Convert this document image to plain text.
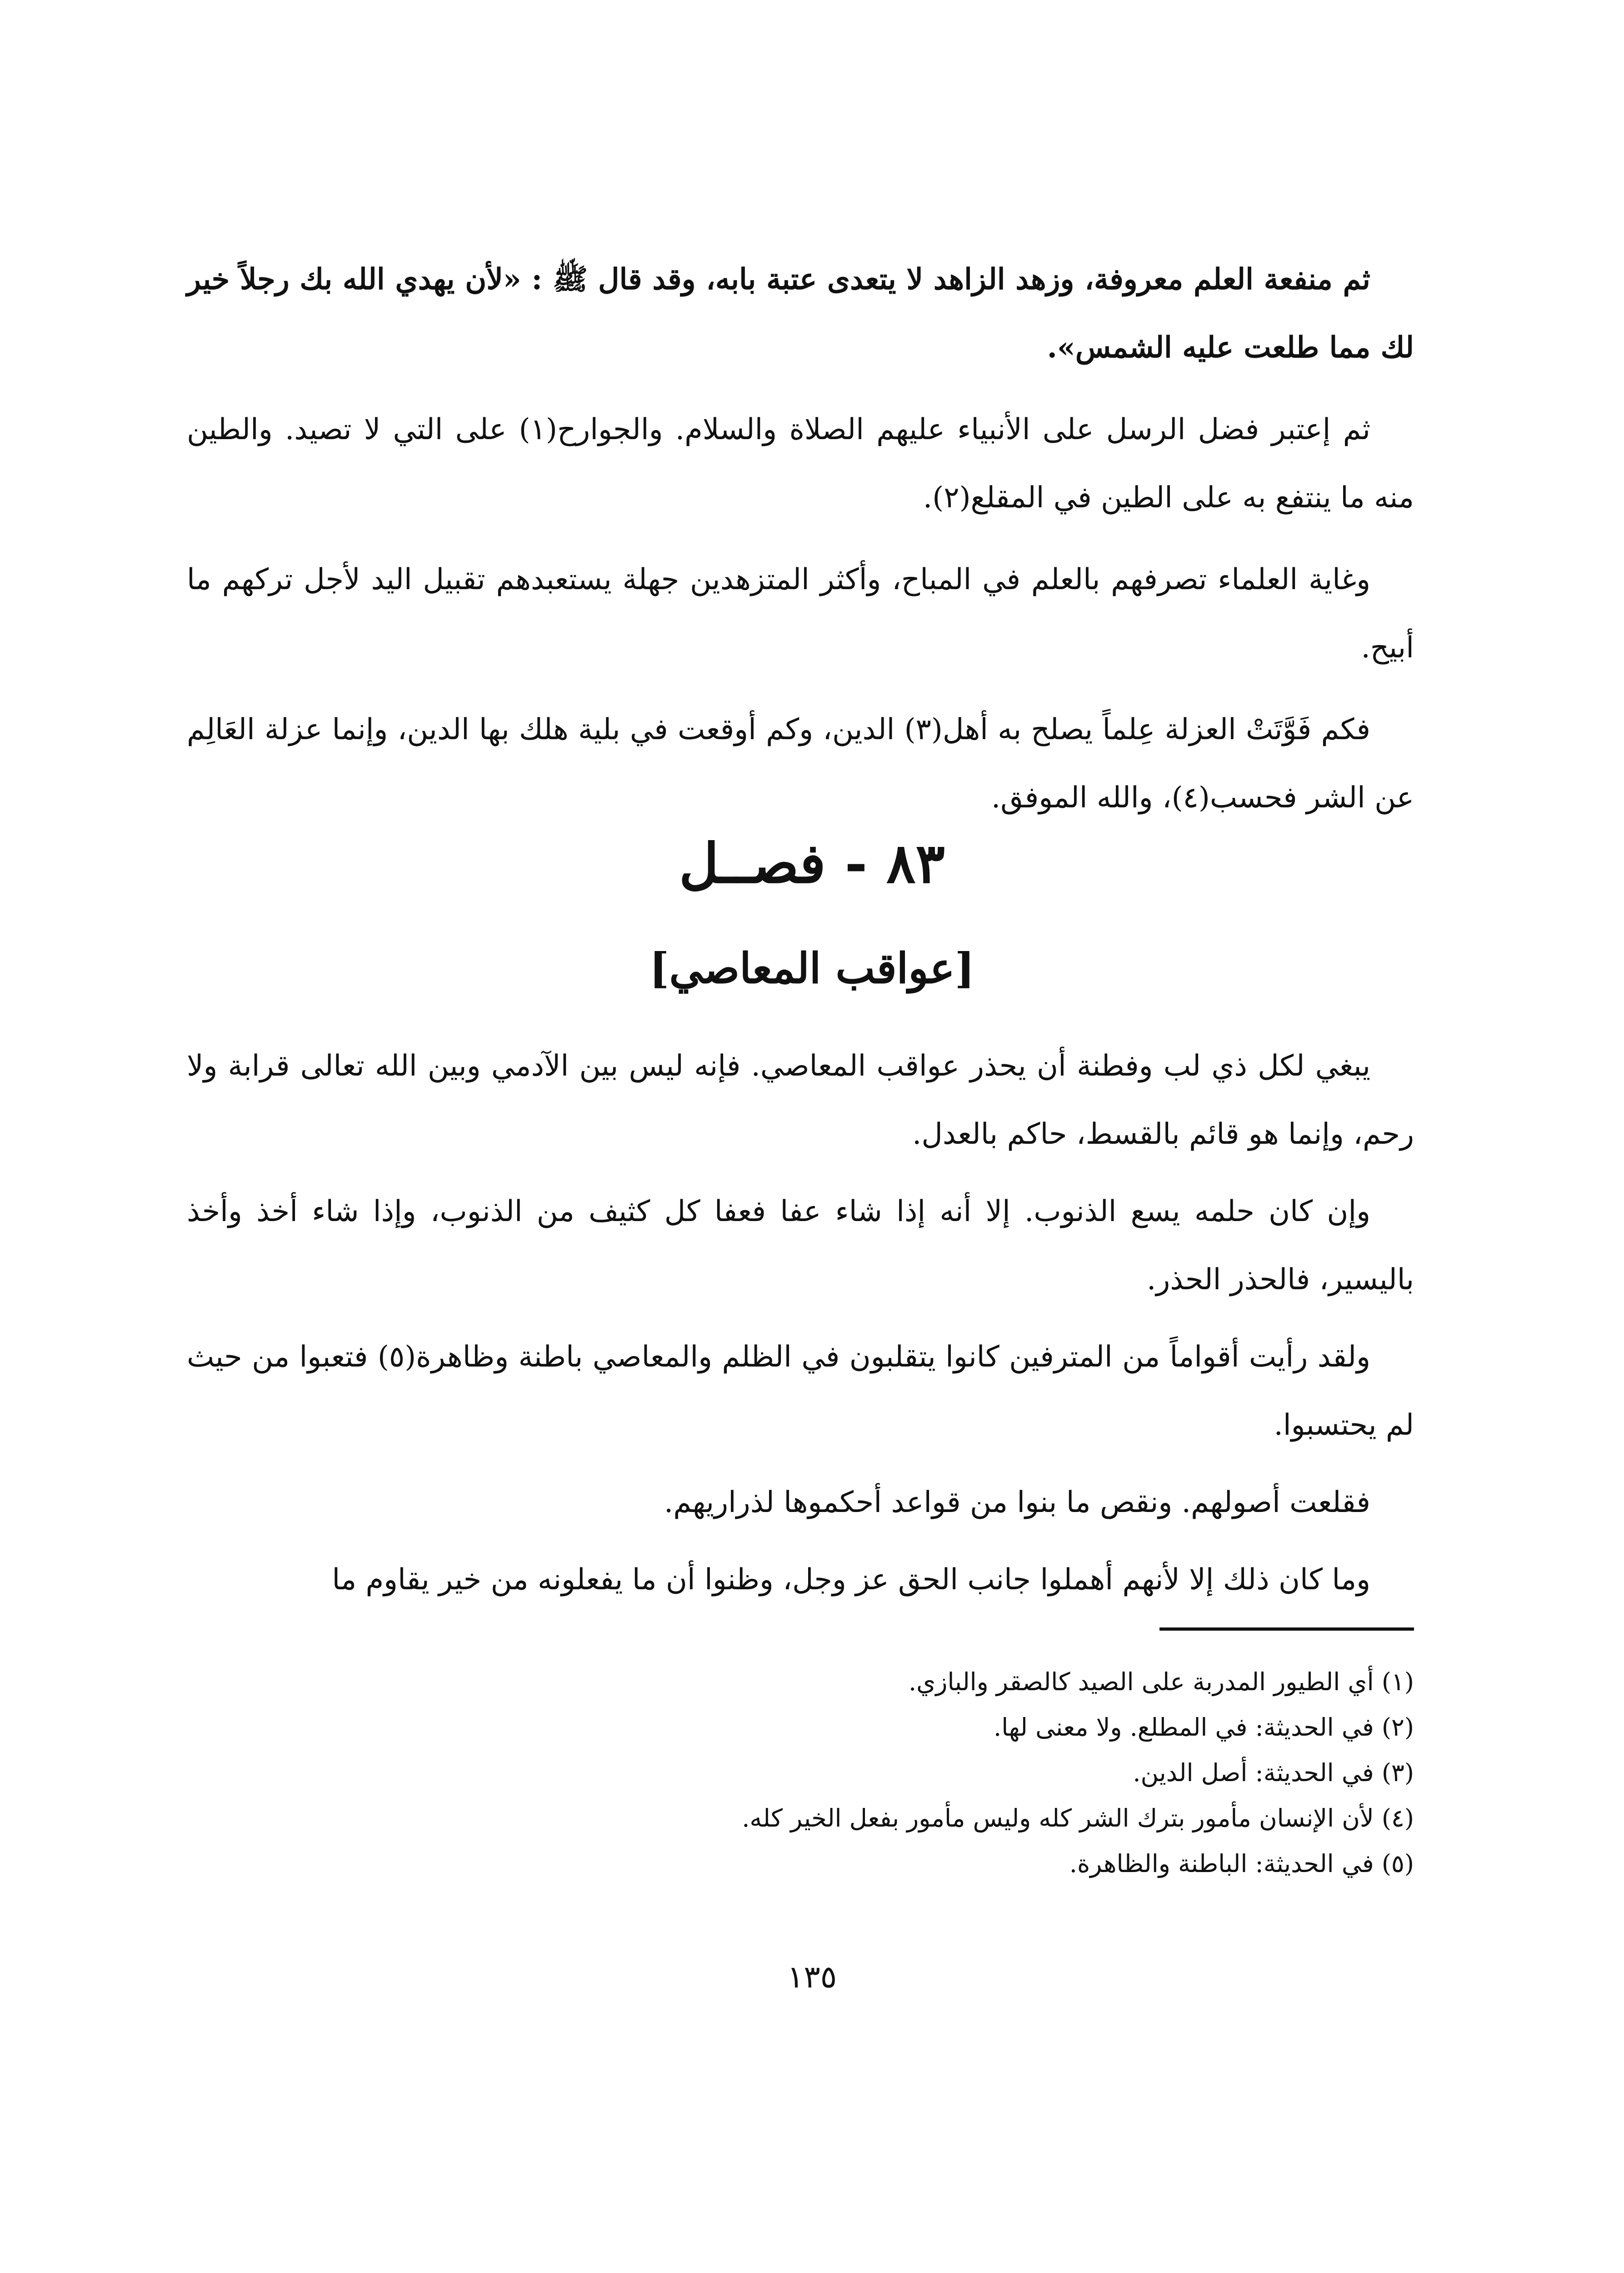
ثم منفعة العلم معروفة، وزهد الزاهد لا يتعدى عتبة بابه، وقد قال ﷺ : «لأن يهدي الله بك رجلاً خير لك مما طلعت عليه الشمس».

ثم إعتبر فضل الرسل على الأنبياء عليهم الصلاة والسلام. والجوارح(١) على التي لا تصيد. والطين منه ما ينتفع به على الطين في المقلع(٢).

وغاية العلماء تصرفهم بالعلم في المباح، وأكثر المتزهدين جهلة يستعبدهم تقبيل اليد لأجل تركهم ما أبيح.

فكم فَوَّتَتْ العزلة عِلماً يصلح به أهل(٣) الدين، وكم أوقعت في بلية هلك بها الدين، وإنما عزلة العَالِم عن الشر فحسب(٤)، والله الموفق.

٨٣ - فصــل
[عواقب المعاصي]

يبغي لكل ذي لب وفطنة أن يحذر عواقب المعاصي. فإنه ليس بين الآدمي وبين الله تعالى قرابة ولا رحم، وإنما هو قائم بالقسط، حاكم بالعدل.

وإن كان حلمه يسع الذنوب. إلا أنه إذا شاء عفا فعفا كل كثيف من الذنوب، وإذا شاء أخذ وأخذ باليسير، فالحذر الحذر.

ولقد رأيت أقواماً من المترفين كانوا يتقلبون في الظلم والمعاصي باطنة وظاهرة(٥) فتعبوا من حيث لم يحتسبوا.

فقلعت أصولهم. ونقص ما بنوا من قواعد أحكموها لذراريهم.

وما كان ذلك إلا لأنهم أهملوا جانب الحق عز وجل، وظنوا أن ما يفعلونه من خير يقاوم ما

(١) أي الطيور المدربة على الصيد كالصقر والبازي.

(٢) في الحديثة: في المطلع. ولا معنى لها.

(٣) في الحديثة: أصل الدين.

(٤) لأن الإنسان مأمور بترك الشر كله وليس مأمور بفعل الخير كله.

(٥) في الحديثة: الباطنة والظاهرة.

١٣٥
